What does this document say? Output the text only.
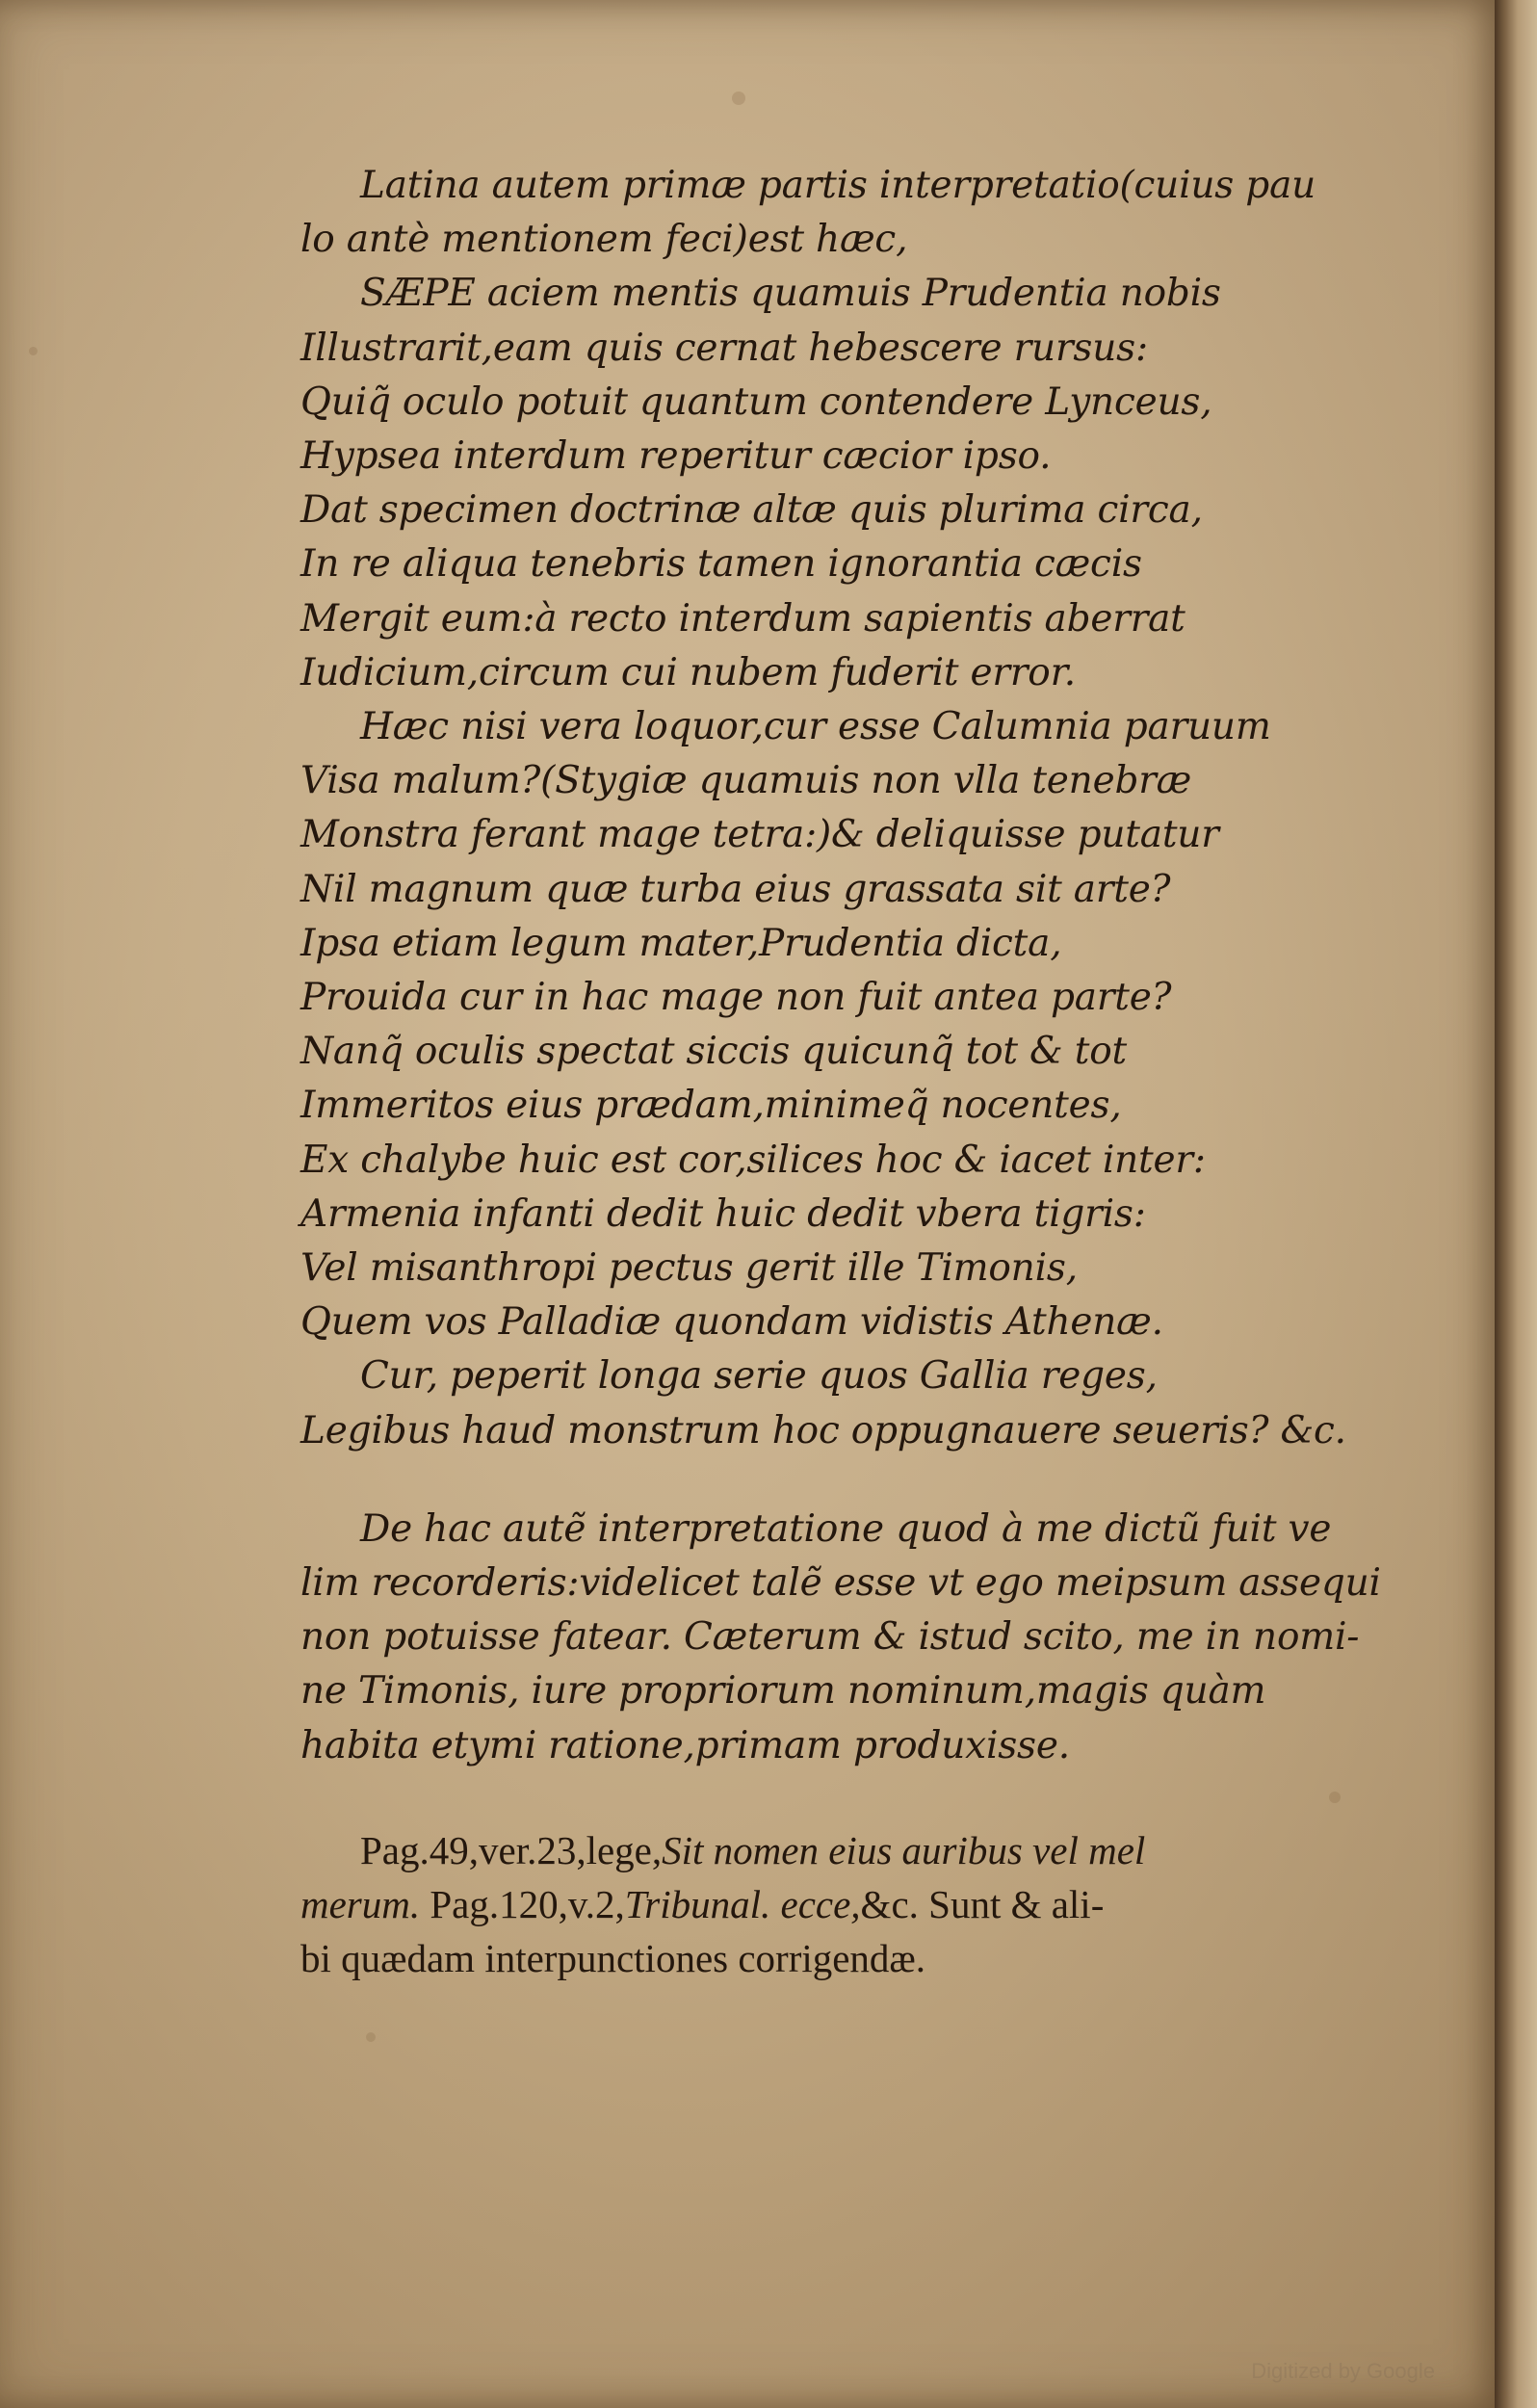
Latina autem primæ partis interpretatio(cuius pau
lo antè mentionem feci)est hæc,
SÆPE aciem mentis quamuis Prudentia nobis
Illustrarit,eam quis cernat hebescere rursus:
Quiq̃ oculo potuit quantum contendere Lynceus,
Hypsea interdum reperitur cæcior ipso.
Dat specimen doctrinæ altæ quis plurima circa,
In re aliqua tenebris tamen ignorantia cæcis
Mergit eum:à recto interdum sapientis aberrat
Iudicium,circum cui nubem fuderit error.
Hæc nisi vera loquor,cur esse Calumnia paruum
Visa malum?(Stygiæ quamuis non vlla tenebræ
Monstra ferant mage tetra:)& deliquisse putatur
Nil magnum quæ turba eius grassata sit arte?
Ipsa etiam legum mater,Prudentia dicta,
Prouida cur in hac mage non fuit antea parte?
Nanq̃ oculis spectat siccis quicunq̃ tot & tot
Immeritos eius prædam,minimeq̃ nocentes,
Ex chalybe huic est cor,silices hoc & iacet inter:
Armenia infanti dedit huic dedit vbera tigris:
Vel misanthropi pectus gerit ille Timonis,
Quem vos Palladiæ quondam vidistis Athenæ.
Cur, peperit longa serie quos Gallia reges,
Legibus haud monstrum hoc oppugnauere seueris? &c.
De hac autẽ interpretatione quod à me dictũ fuit ve
lim recorderis:videlicet talẽ esse vt ego meipsum assequi
non potuisse fatear. Cæterum & istud scito, me in nomi-
ne Timonis, iure propriorum nominum,magis quàm
habita etymi ratione,primam produxisse.
Pag.49,ver.23,lege,Sit nomen eius auribus vel mel
merum. Pag.120,v.2,Tribunal. ecce,&c. Sunt & ali-
bi quædam interpunctiones corrigendæ.
Digitized by Google
